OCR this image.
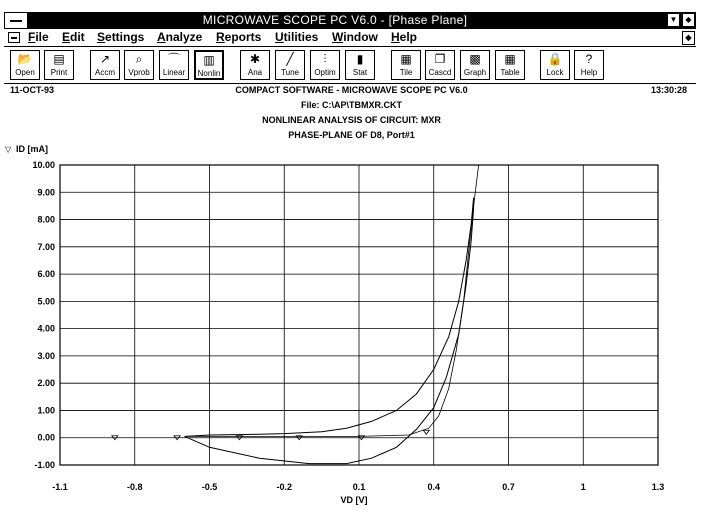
MICROWAVE SCOPE PC V6.0 - [Phase Plane]	▼ ◆
File Edit Settings Analyze Reports Utilities Window Help	◆
📂
Open
▤
Print
↗
Accm
⌕
Vprob
⌒
Linear
▥
Nonlin
✱
Ana
╱
Tune
⫶
Optim
▮
Stat
▦
Tile
❐
Cascd
▩
Graph
▦
Table
🔒
Lock
?
Help
11-OCT-93	13:30:28
COMPACT SOFTWARE - MICROWAVE SCOPE PC V6.0
File: C:\AP\TBMXR.CKT
NONLINEAR ANALYSIS OF CIRCUIT: MXR
PHASE-PLANE OF D8, Port#1
10.00
9.00
8.00
7.00
6.00
5.00
4.00
3.00
2.00
1.00
0.00
-1.00
-1.1	-0.8	-0.5	-0.2	0.1	0.4	0.7	1	1.3
ID [mA]
▽
VD [V]
